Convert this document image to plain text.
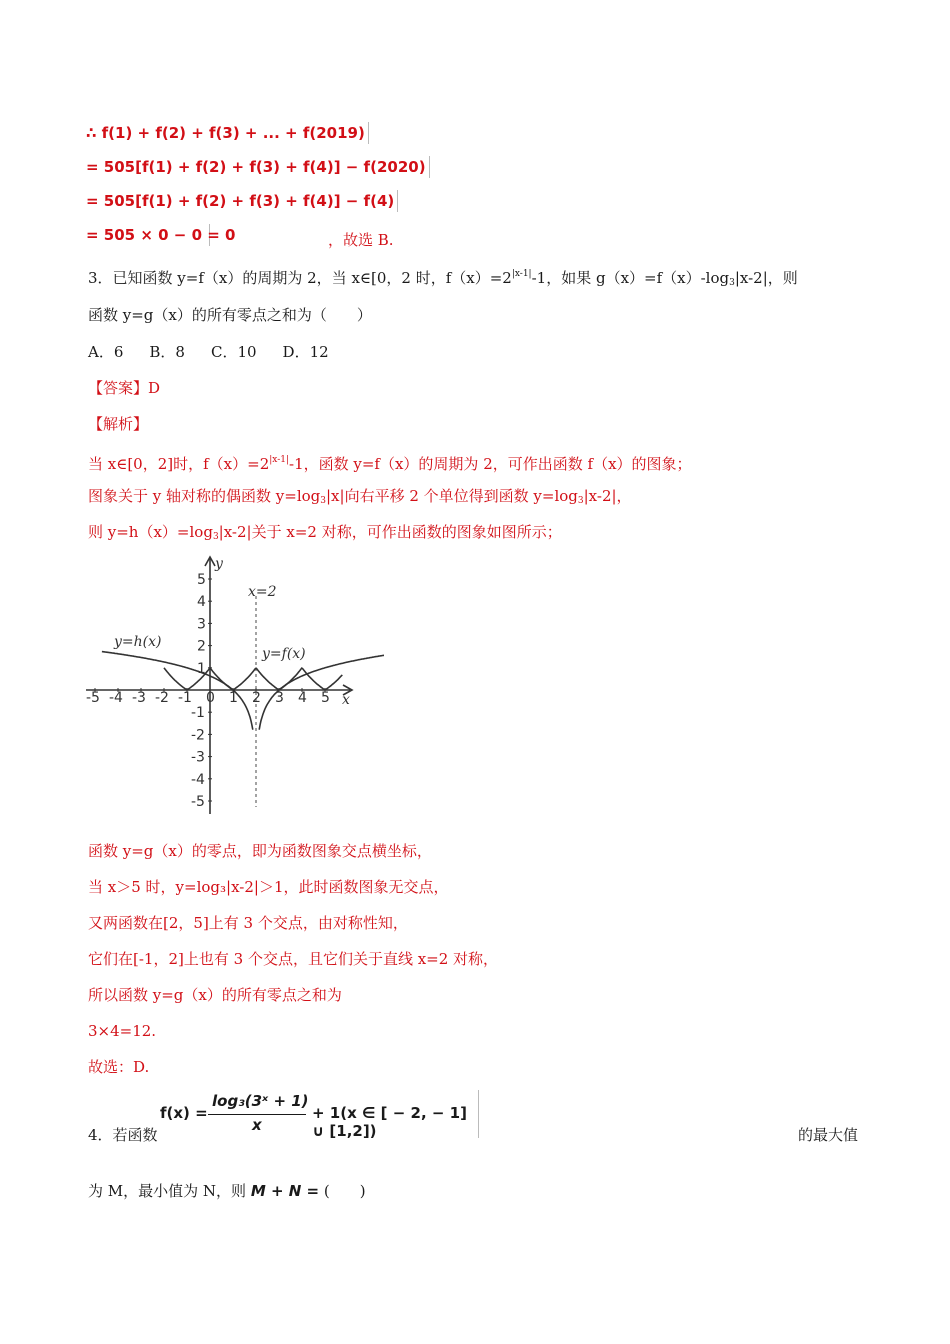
∴ f(1) + f(2) + f(3) + ... + f(2019)
= 505[f(1) + f(2) + f(3) + f(4)] − f(2020)
= 505[f(1) + f(2) + f(3) + f(4)] − f(4)
= 505 × 0 − 0 = 0	，故选 B.
3．已知函数 y=f（x）的周期为 2，当 x∈[0，2 时，$f(x)=2^{|x-1|}-1$，如果 $g(x)=f(x)-\log_3|x-2|$，则
函数 y=g（x）的所有零点之和为（　　）
A．6 B．8 C．10 D．12
【答案】D
【解析】
当 x∈[0，2]时，$f(x)=2^{|x-1|}-1$，函数 y=f（x）的周期为 2，可作出函数 f（x）的图象；
图象关于 y 轴对称的偶函数 $y=\log_3|x|$向右平移 2 个单位得到函数 $y=\log_3|x-2|$，
则 $y=h(x)=\log_3|x-2|$关于 x=2 对称，可作出函数的图象如图所示；
-5 -4 -3 -2 -1 0 1 2 3 4 5
5
4
3
2
1
-1
-2
-3
-4
-5
y
x
y=h(x)
y=f(x)
x=2
函数 y=g（x）的零点，即为函数图象交点横坐标，
当 x＞5 时，y=log₃|x-2|＞1，此时函数图象无交点，
又两函数在[2，5]上有 3 个交点，由对称性知，
它们在[-1，2]上也有 3 个交点，且它们关于直线 x=2 对称，
所以函数 y=g（x）的所有零点之和为
3×4=12.
故选：D.
4．若函数
f(x) =
log₃(3ˣ + 1)
x
+ 1(x ∈ [ − 2, − 1] ∪ [1,2])	的最大值
为 M，最小值为 N，则 M + N = (　　)
